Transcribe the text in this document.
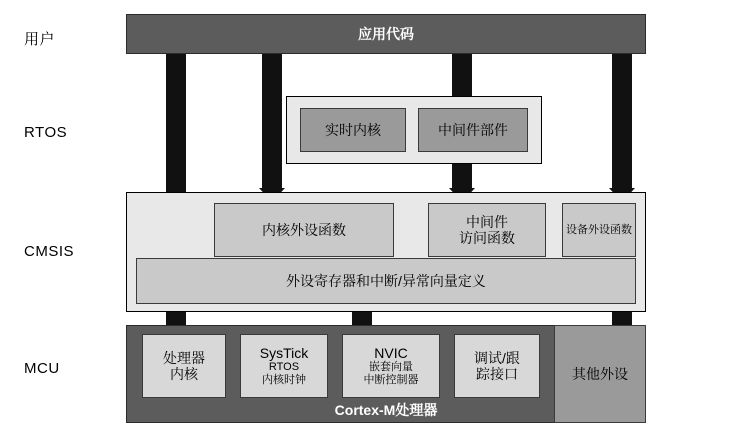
用户
RTOS
CMSIS
MCU
应用代码
实时内核	中间件部件
内核外设函数
中间件
访问函数
设备外设函数
外设寄存器和中断/异常向量定义
Cortex-M处理器
处理器
内核
SysTick
RTOS
内核时钟
NVIC
嵌套向量
中断控制器
调试/跟
踪接口	其他外设
